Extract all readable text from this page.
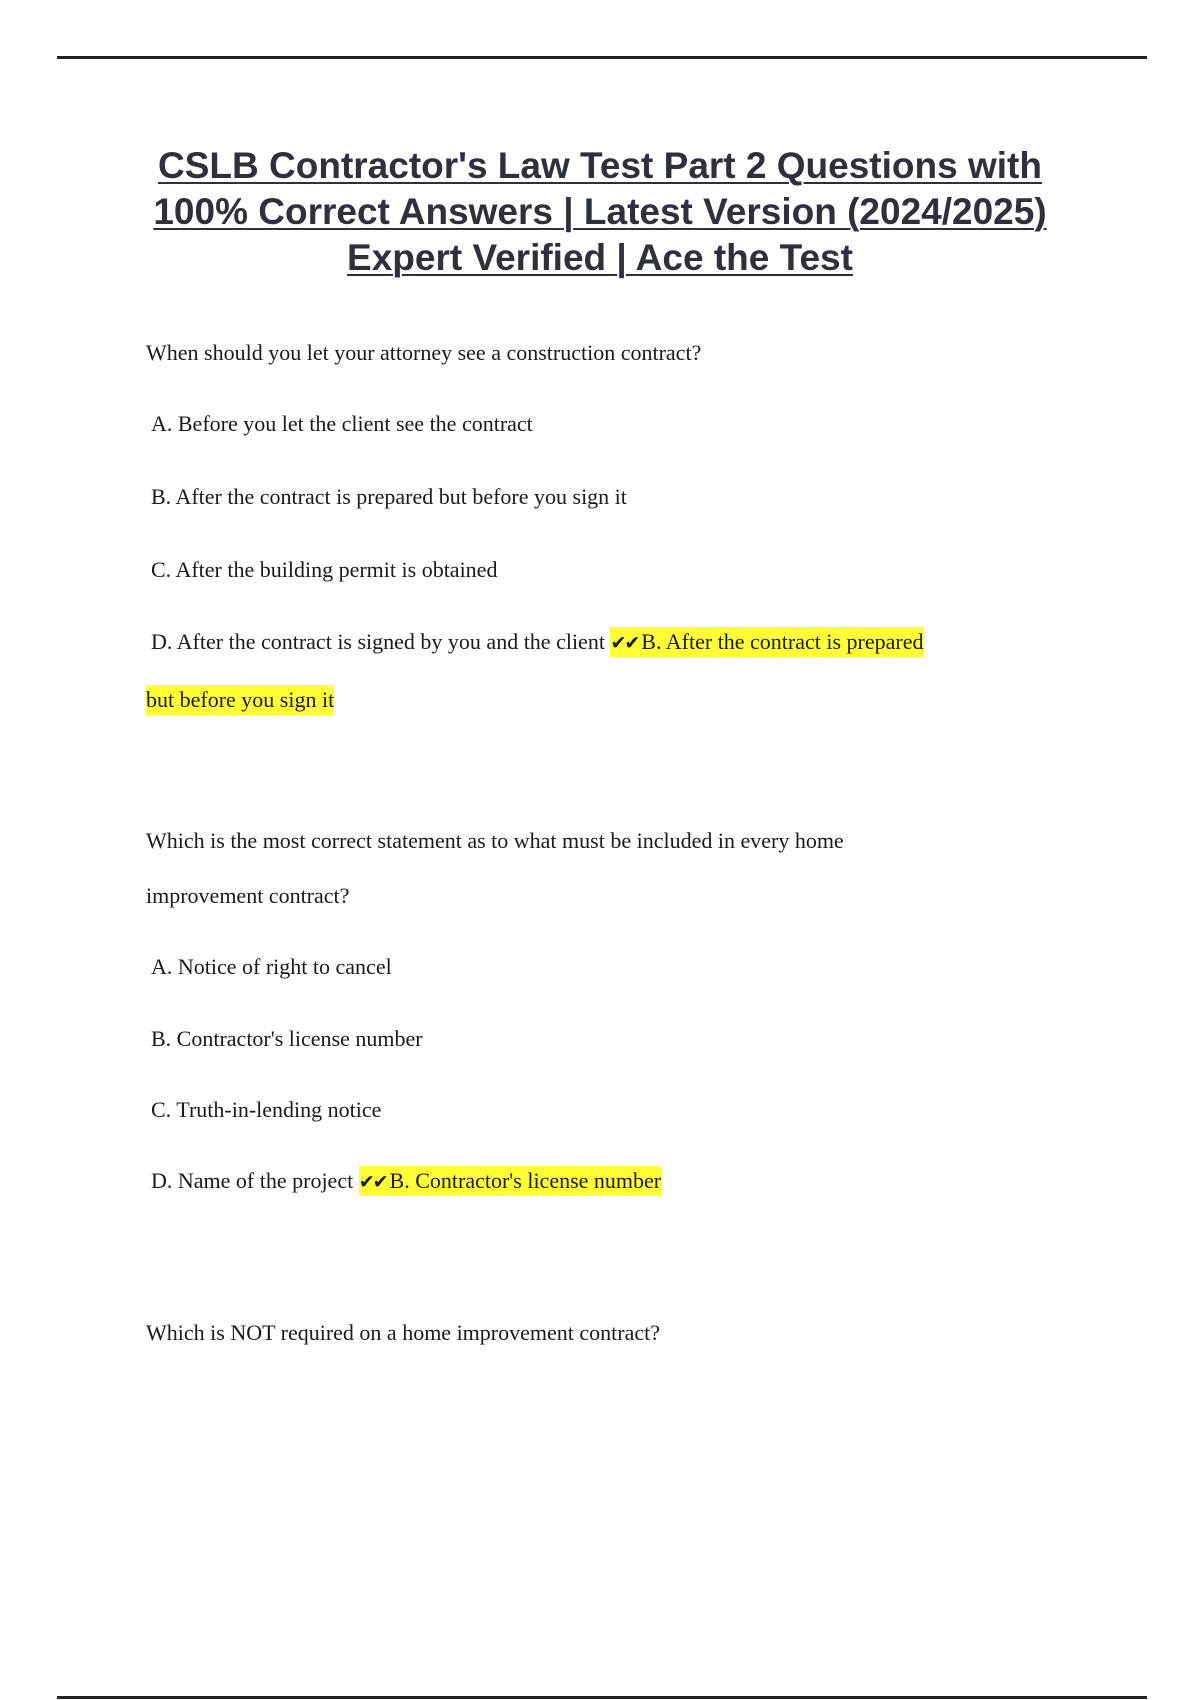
CSLB Contractor's Law Test Part 2 Questions with 100% Correct Answers | Latest Version (2024/2025) Expert Verified | Ace the Test

When should you let your attorney see a construction contract?

A. Before you let the client see the contract

B. After the contract is prepared but before you sign it

C. After the building permit is obtained

D. After the contract is signed by you and the client ✔✔ B. After the contract is prepared

but before you sign it

Which is the most correct statement as to what must be included in every home

improvement contract?

A. Notice of right to cancel

B. Contractor's license number

C. Truth-in-lending notice

D. Name of the project ✔✔ B. Contractor's license number

Which is NOT required on a home improvement contract?
